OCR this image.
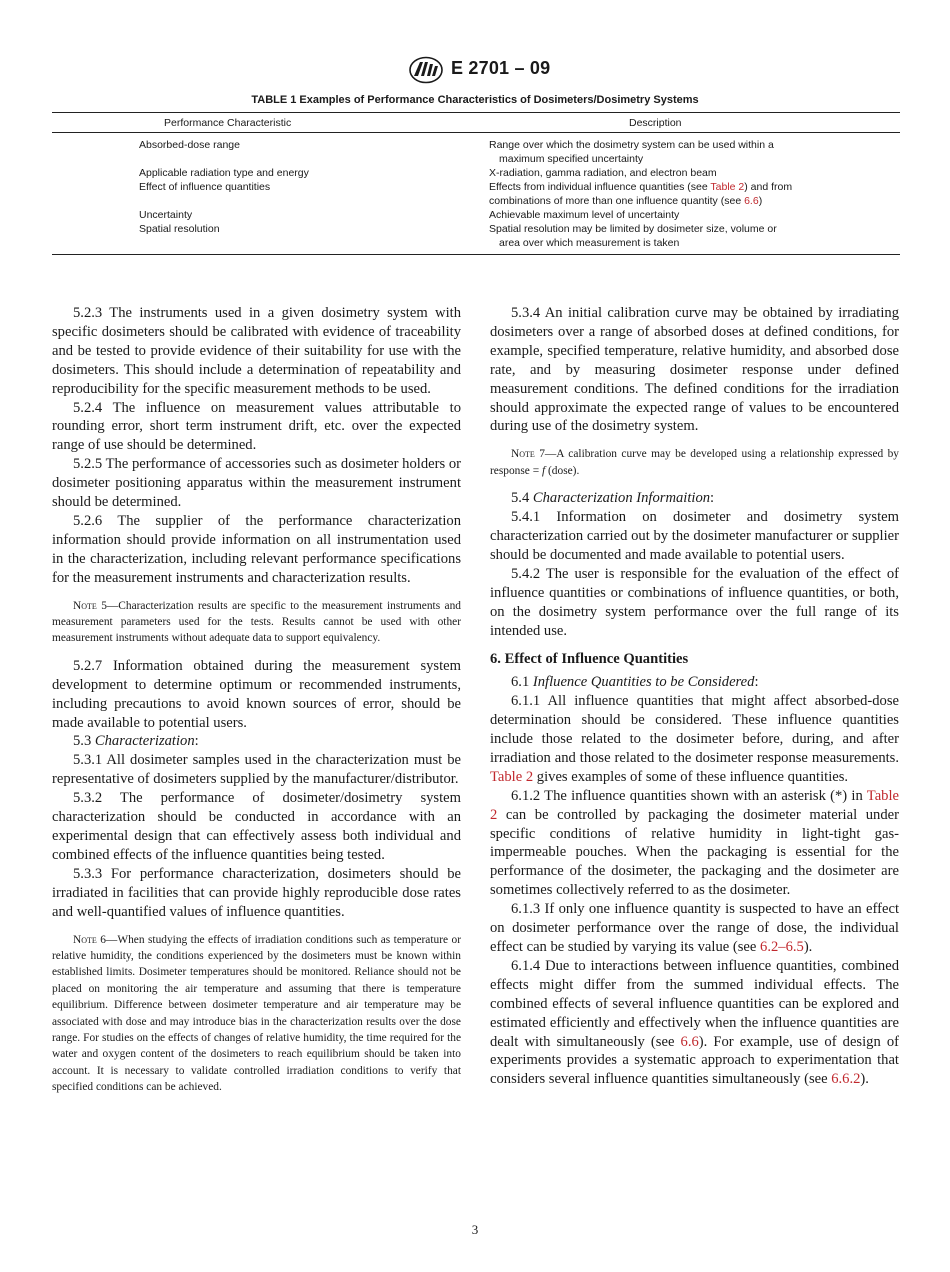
E 2701 – 09
TABLE 1 Examples of Performance Characteristics of Dosimeters/Dosimetry Systems
Performance Characteristic	Description
Absorbed-dose range	Range over which the dosimetry system can be used within a
maximum specified uncertainty
Applicable radiation type and energy	X-radiation, gamma radiation, and electron beam
Effect of influence quantities	Effects from individual influence quantities (see Table 2) and from
combinations of more than one influence quantity (see 6.6)
Uncertainty	Achievable maximum level of uncertainty
Spatial resolution	Spatial resolution may be limited by dosimeter size, volume or
area over which measurement is taken

5.2.3 The instruments used in a given dosimetry system with specific dosimeters should be calibrated with evidence of traceability and be tested to provide evidence of their suitability for use with the dosimeters. This should include a determination of repeatability and reproducibility for the specific measurement methods to be used.

5.2.4 The influence on measurement values attributable to rounding error, short term instrument drift, etc. over the expected range of use should be determined.

5.2.5 The performance of accessories such as dosimeter holders or dosimeter positioning apparatus within the measurement instrument should be determined.

5.2.6 The supplier of the performance characterization information should provide information on all instrumentation used in the characterization, including relevant performance specifications for the measurement instruments and characterization results.

Note 5—Characterization results are specific to the measurement instruments and measurement parameters used for the tests. Results cannot be used with other measurement instruments without adequate data to support equivalency.

5.2.7 Information obtained during the measurement system development to determine optimum or recommended instruments, including precautions to avoid known sources of error, should be made available to potential users.

5.3 Characterization:

5.3.1 All dosimeter samples used in the characterization must be representative of dosimeters supplied by the manufacturer/distributor.

5.3.2 The performance of dosimeter/dosimetry system characterization should be conducted in accordance with an experimental design that can effectively assess both individual and combined effects of the influence quantities being tested.

5.3.3 For performance characterization, dosimeters should be irradiated in facilities that can provide highly reproducible dose rates and well-quantified values of influence quantities.

Note 6—When studying the effects of irradiation conditions such as temperature or relative humidity, the conditions experienced by the dosimeters must be known within established limits. Dosimeter temperatures should be monitored. Reliance should not be placed on monitoring the air temperature and assuming that there is temperature equilibrium. Difference between dosimeter temperature and air temperature may be associated with dose and may introduce bias in the characterization results over the dose range. For studies on the effects of changes of relative humidity, the time required for the water and oxygen content of the dosimeters to reach equilibrium should be taken into account. It is necessary to validate controlled irradiation conditions to verify that specified conditions can be achieved.

5.3.4 An initial calibration curve may be obtained by irradiating dosimeters over a range of absorbed doses at defined conditions, for example, specified temperature, relative humidity, and absorbed dose rate, and by measuring dosimeter response under defined measurement conditions. The defined conditions for the irradiation should approximate the expected range of values to be encountered during use of the dosimetry system.

Note 7—A calibration curve may be developed using a relationship expressed by response = f (dose).

5.4 Characterization Informaition:

5.4.1 Information on dosimeter and dosimetry system characterization carried out by the dosimeter manufacturer or supplier should be documented and made available to potential users.

5.4.2 The user is responsible for the evaluation of the effect of influence quantities or combinations of influence quantities, or both, on the dosimetry system performance over the full range of its intended use.

6. Effect of Influence Quantities

6.1 Influence Quantities to be Considered:

6.1.1 All influence quantities that might affect absorbed-dose determination should be considered. These influence quantities include those related to the dosimeter before, during, and after irradiation and those related to the dosimeter response measurements. Table 2 gives examples of some of these influence quantities.

6.1.2 The influence quantities shown with an asterisk (*) in Table 2 can be controlled by packaging the dosimeter material under specific conditions of relative humidity in light-tight gas-impermeable pouches. When the packaging is essential for the performance of the dosimeter, the packaging and the dosimeter are sometimes collectively referred to as the dosimeter.

6.1.3 If only one influence quantity is suspected to have an effect on dosimeter performance over the range of dose, the individual effect can be studied by varying its value (see 6.2–6.5).

6.1.4 Due to interactions between influence quantities, combined effects might differ from the summed individual effects. The combined effects of several influence quantities can be explored and estimated efficiently and effectively when the influence quantities are dealt with simultaneously (see 6.6). For example, use of design of experiments provides a systematic approach to experimentation that considers several influence quantities simultaneously (see 6.6.2).

3
